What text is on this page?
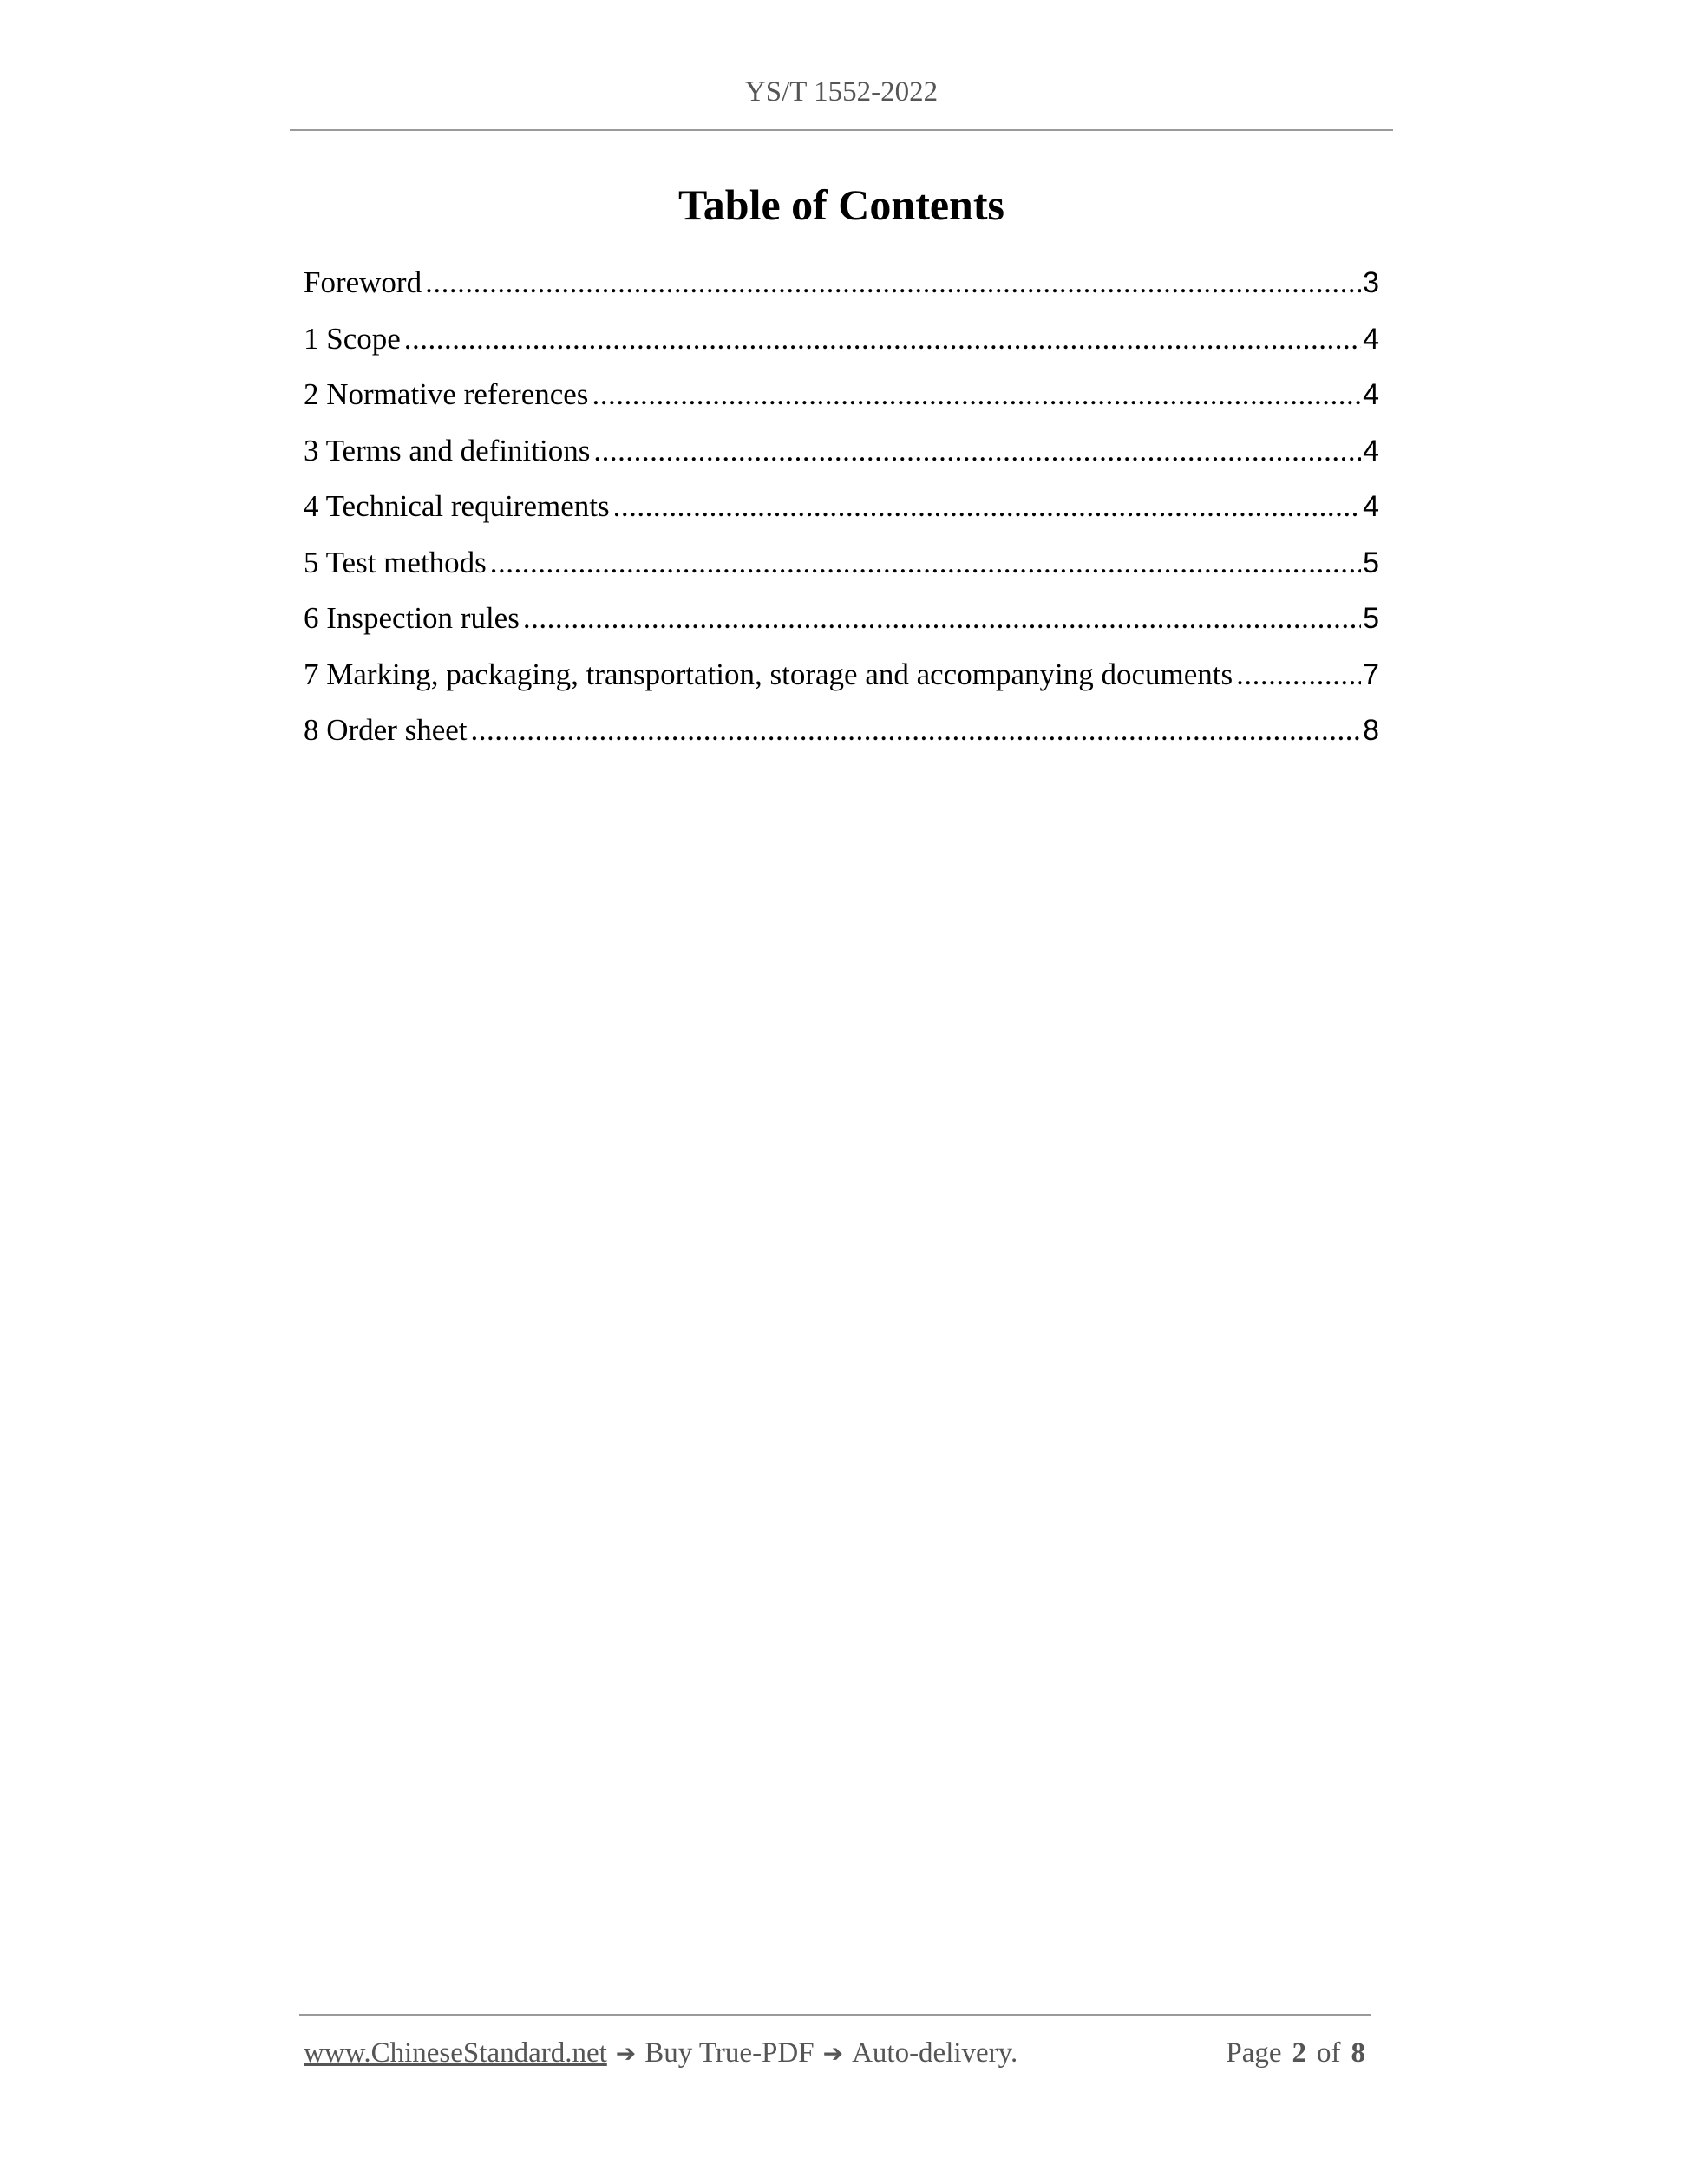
YS/T 1552-2022
Table of Contents
Foreword .....	3
1 Scope .....	4
2 Normative references .....	4
3 Terms and definitions .....	4
4 Technical requirements .....	4
5 Test methods .....	5
6 Inspection rules .....	5
7 Marking, packaging, transportation, storage and accompanying documents .....	7
8 Order sheet .....	8
www.ChineseStandard.net ➔ Buy True-PDF ➔ Auto-delivery.	Page 2 of 8
